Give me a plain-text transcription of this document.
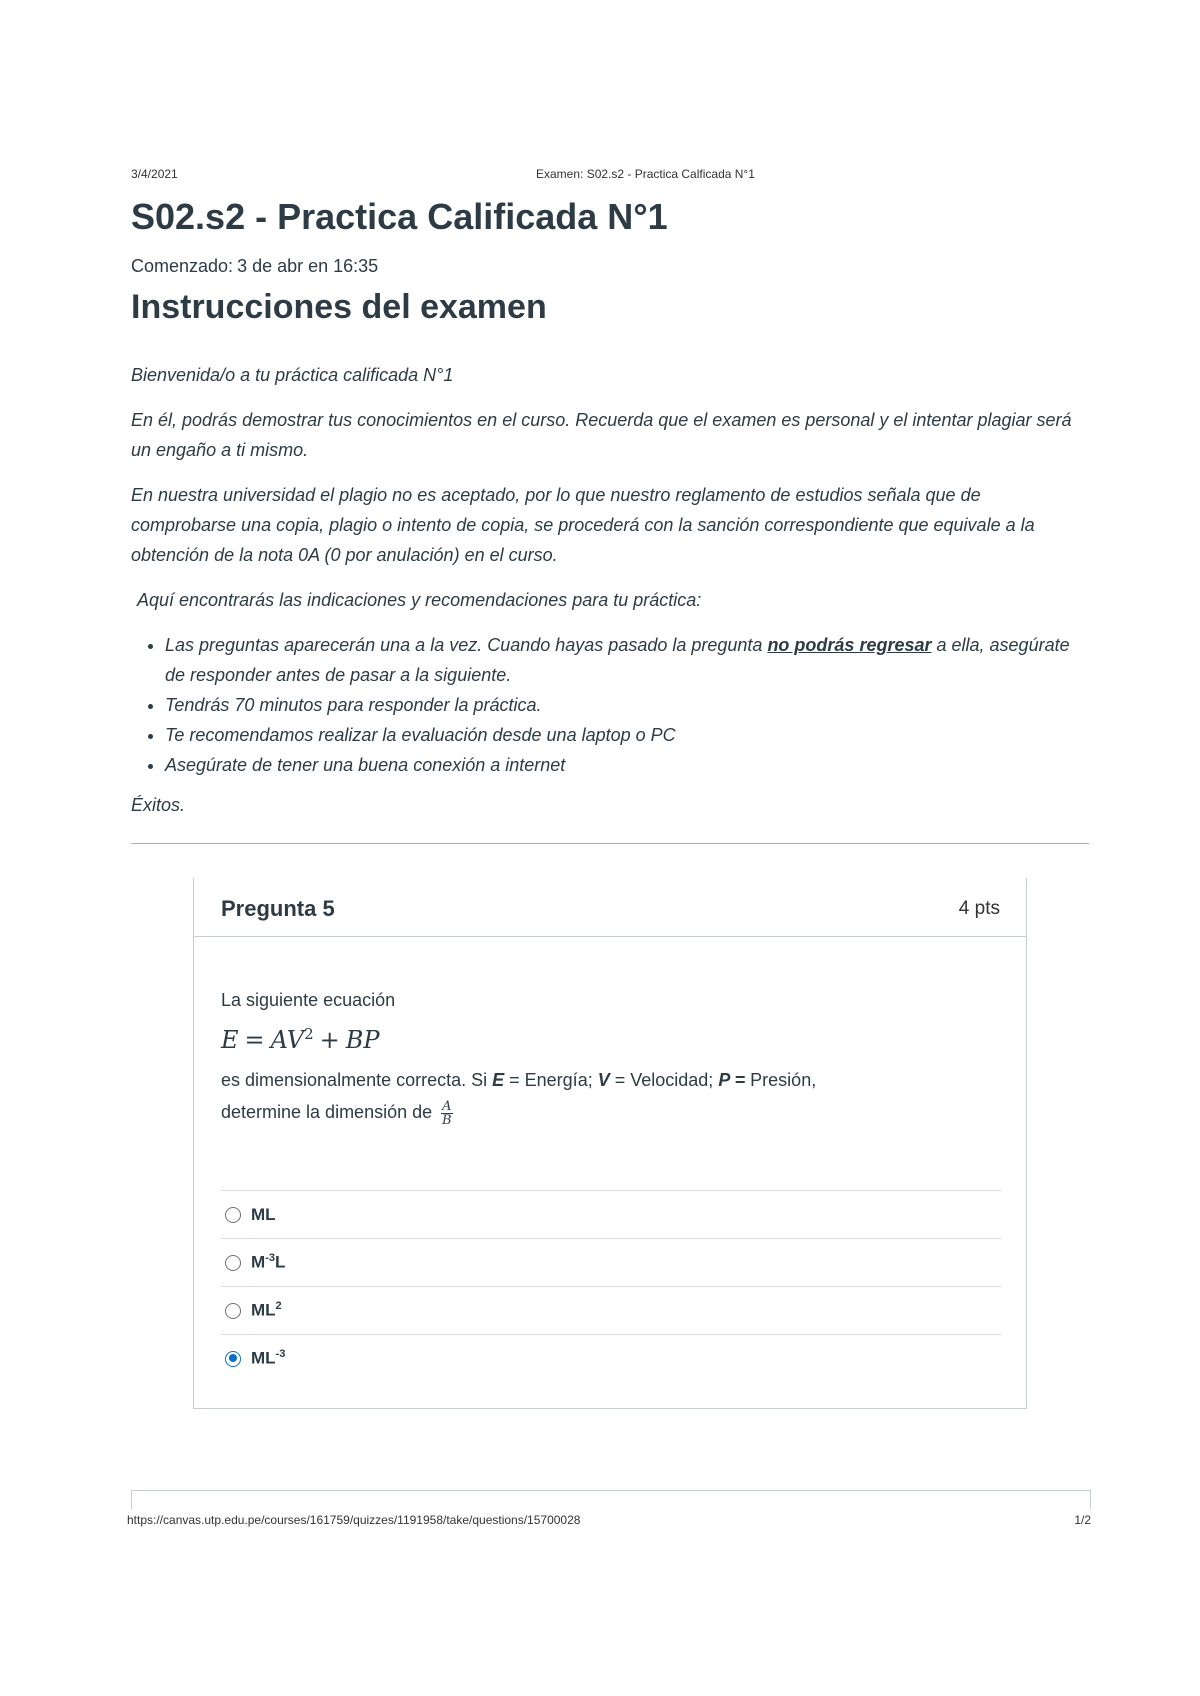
3/4/2021	Examen: S02.s2 - Practica Calficada N°1
S02.s2 - Practica Calificada N°1
Comenzado: 3 de abr en 16:35
Instrucciones del examen

Bienvenida/o a tu práctica calificada N°1

En él, podrás demostrar tus conocimientos en el curso. Recuerda que el examen es personal y el intentar plagiar será un engaño a ti mismo.

En nuestra universidad el plagio no es aceptado, por lo que nuestro reglamento de estudios señala que de comprobarse una copia, plagio o intento de copia, se procederá con la sanción correspondiente que equivale a la obtención de la nota 0A (0 por anulación) en el curso.

Aquí encontrarás las indicaciones y recomendaciones para tu práctica:

• Las preguntas aparecerán una a la vez. Cuando hayas pasado la pregunta no podrás regresar a ella, asegúrate de responder antes de pasar a la siguiente.
• Tendrás 70 minutos para responder la práctica.
• Te recomendamos realizar la evaluación desde una laptop o PC
• Asegúrate de tener una buena conexión a internet

Éxitos.

Pregunta 5	4 pts

La siguiente ecuación

$E = AV^2$ + BP

es dimensionalmente correcta. Si E = Energía; V = Velocidad; P = Presión,
determine la dimensión de $\frac{A}{B}$

ML
$M^{-3}L$
$ML^2$
$ML^{-3}$
https://canvas.utp.edu.pe/courses/161759/quizzes/1191958/take/questions/15700028	1/2
